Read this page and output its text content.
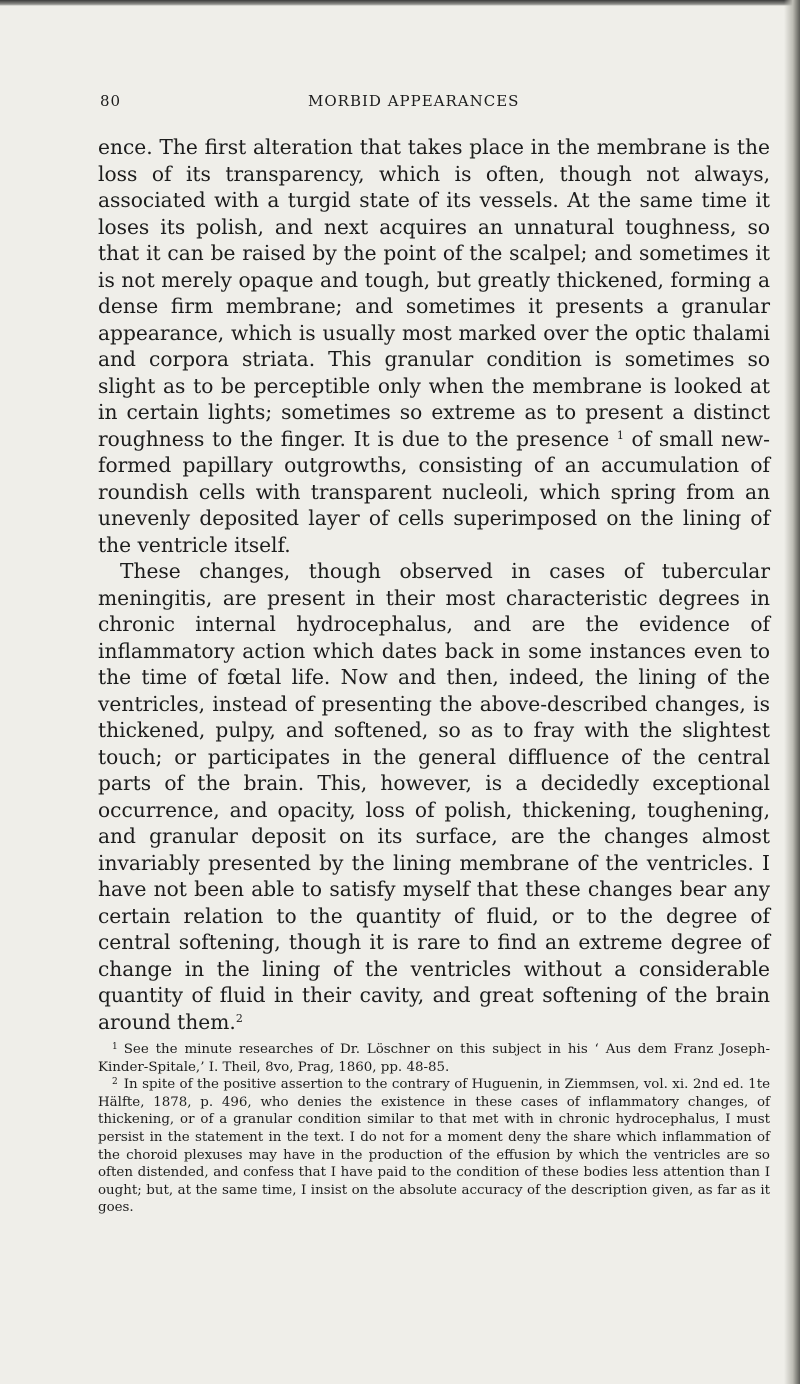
80	MORBID APPEARANCES

ence. The first alteration that takes place in the membrane is the loss of its transparency, which is often, though not always, associated with a turgid state of its vessels. At the same time it loses its polish, and next acquires an unnatural toughness, so that it can be raised by the point of the scalpel; and sometimes it is not merely opaque and tough, but greatly thickened, forming a dense firm membrane; and sometimes it presents a granular appearance, which is usually most marked over the optic thalami and corpora striata. This granular condition is sometimes so slight as to be perceptible only when the membrane is looked at in certain lights; sometimes so extreme as to present a distinct roughness to the finger. It is due to the presence $^1$ of small new-formed papillary outgrowths, consisting of an accumulation of roundish cells with transparent nucleoli, which spring from an unevenly deposited layer of cells superimposed on the lining of the ventricle itself.

These changes, though observed in cases of tubercular meningitis, are present in their most characteristic degrees in chronic internal hydrocephalus, and are the evidence of inflammatory action which dates back in some instances even to the time of fœtal life. Now and then, indeed, the lining of the ventricles, instead of presenting the above-described changes, is thickened, pulpy, and softened, so as to fray with the slightest touch; or participates in the general diffluence of the central parts of the brain. This, however, is a decidedly exceptional occurrence, and opacity, loss of polish, thickening, toughening, and granular deposit on its surface, are the changes almost invariably presented by the lining membrane of the ventricles. I have not been able to satisfy myself that these changes bear any certain relation to the quantity of fluid, or to the degree of central softening, though it is rare to find an extreme degree of change in the lining of the ventricles without a considerable quantity of fluid in their cavity, and great softening of the brain around them.$^2$

$^1$ See the minute researches of Dr. Löschner on this subject in his ‘ Aus dem Franz Joseph-Kinder-Spitale,’ I. Theil, 8vo, Prag, 1860, pp. 48-85.

$^2$ In spite of the positive assertion to the contrary of Huguenin, in Ziemmsen, vol. xi. 2nd ed. 1te Hälfte, 1878, p. 496, who denies the existence in these cases of inflammatory changes, of thickening, or of a granular condition similar to that met with in chronic hydrocephalus, I must persist in the statement in the text. I do not for a moment deny the share which inflammation of the choroid plexuses may have in the production of the effusion by which the ventricles are so often distended, and confess that I have paid to the condition of these bodies less attention than I ought; but, at the same time, I insist on the absolute accuracy of the description given, as far as it goes.
